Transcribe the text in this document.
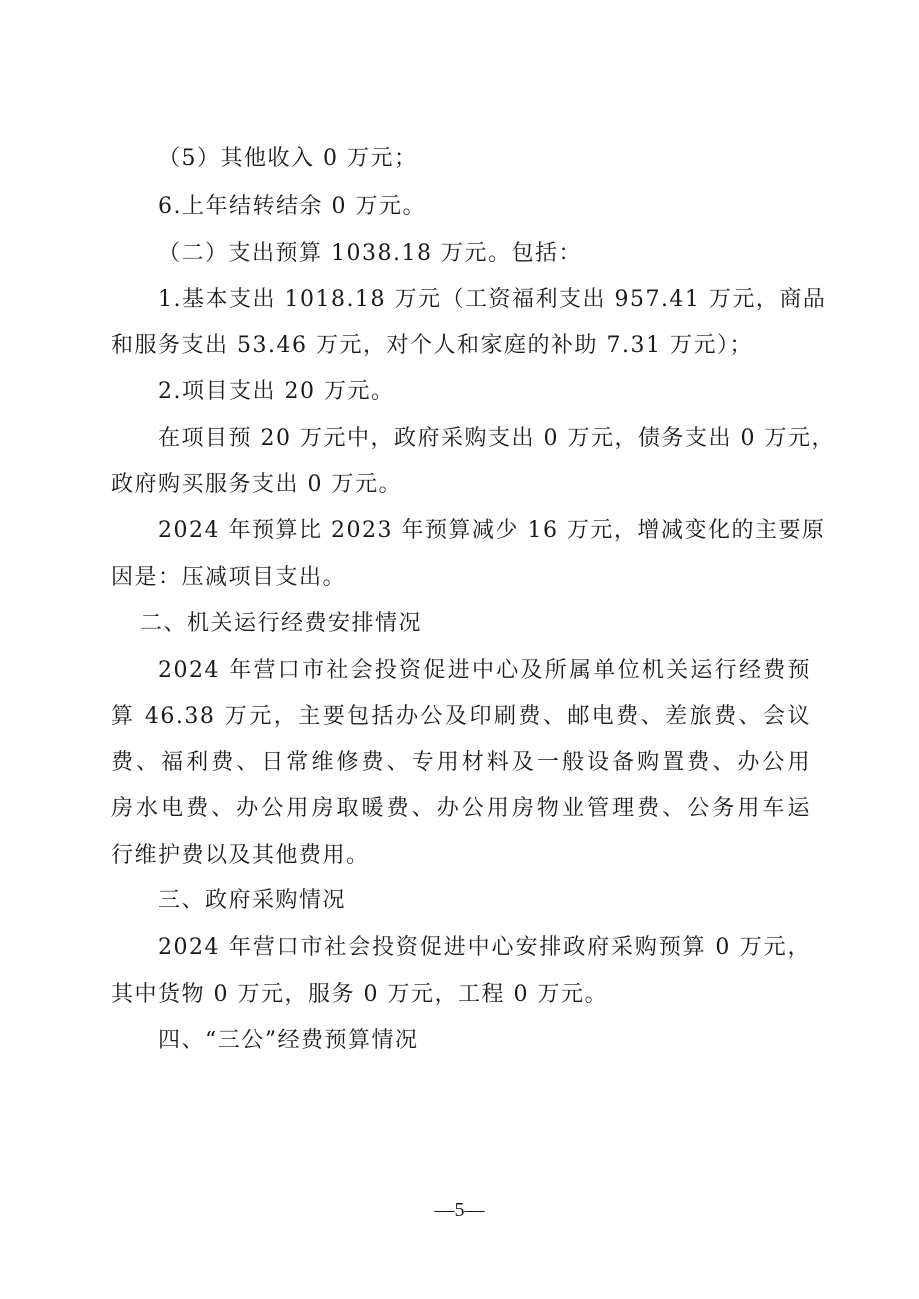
（5）其他收入 0 万元；
6.上年结转结余 0 万元。
（二）支出预算 1038.18 万元。包括：
1.基本支出 1018.18 万元（工资福利支出 957.41 万元，商品
和服务支出 53.46 万元，对个人和家庭的补助 7.31 万元）；
2.项目支出 20 万元。
在项目预 20 万元中，政府采购支出 0 万元，债务支出 0 万元，
政府购买服务支出 0 万元。
2024 年预算比 2023 年预算减少 16 万元，增减变化的主要原
因是：压减项目支出。
二、机关运行经费安排情况
2024 年营口市社会投资促进中心及所属单位机关运行经费预
算 46.38 万元，主要包括办公及印刷费、邮电费、差旅费、会议
费、福利费、日常维修费、专用材料及一般设备购置费、办公用
房水电费、办公用房取暖费、办公用房物业管理费、公务用车运
行维护费以及其他费用。
三、政府采购情况
2024 年营口市社会投资促进中心安排政府采购预算 0 万元，
其中货物 0 万元，服务 0 万元，工程 0 万元。
四、“三公”经费预算情况
—5—
